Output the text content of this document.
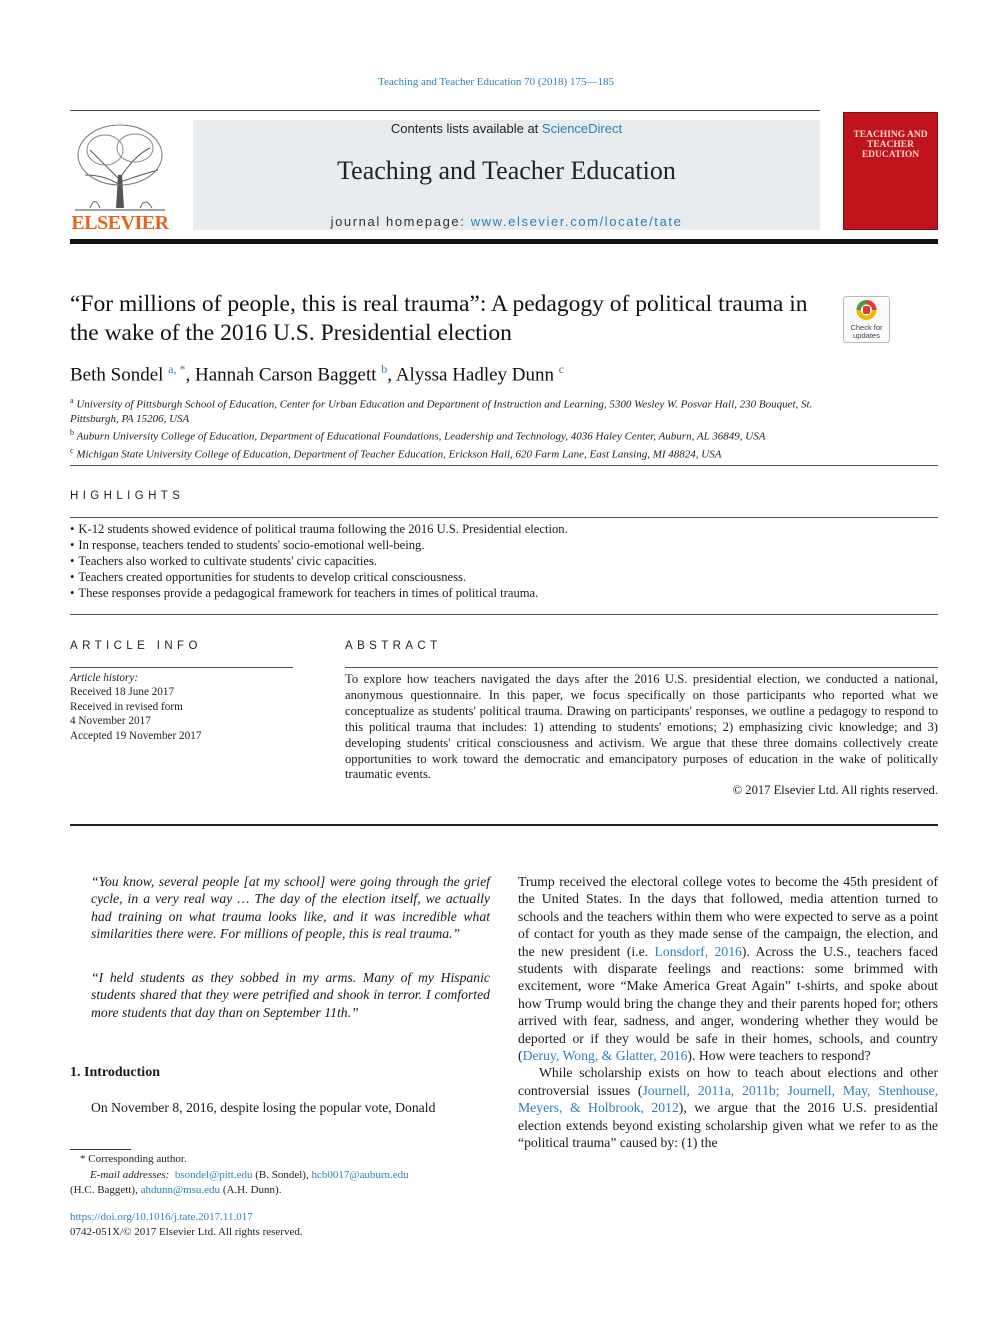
Teaching and Teacher Education 70 (2018) 175—185
ELSEVIER
Contents lists available at ScienceDirect
Teaching and Teacher Education
journal homepage: www.elsevier.com/locate/tate
TEACHING AND TEACHER EDUCATION
“For millions of people, this is real trauma”: A pedagogy of political trauma in the wake of the 2016 U.S. Presidential election	Check for updates
Beth Sondel $^{a, *}$, Hannah Carson Baggett $^b$, Alyssa Hadley Dunn $^c$

$^a$ University of Pittsburgh School of Education, Center for Urban Education and Department of Instruction and Learning, 5300 Wesley W. Posvar Hall, 230 Bouquet, St. Pittsburgh, PA 15206, USA

$^b$ Auburn University College of Education, Department of Educational Foundations, Leadership and Technology, 4036 Haley Center, Auburn, AL 36849, USA

$^c$ Michigan State University College of Education, Department of Teacher Education, Erickson Hall, 620 Farm Lane, East Lansing, MI 48824, USA

HIGHLIGHTS
• K-12 students showed evidence of political trauma following the 2016 U.S. Presidential election.
• In response, teachers tended to students' socio-emotional well-being.
• Teachers also worked to cultivate students' civic capacities.
• Teachers created opportunities for students to develop critical consciousness.
• These responses provide a pedagogical framework for teachers in times of political trauma.
ARTICLE INFO
Article history:
Received 18 June 2017
Received in revised form
4 November 2017
Accepted 19 November 2017
ABSTRACT
To explore how teachers navigated the days after the 2016 U.S. presidential election, we conducted a national, anonymous questionnaire. In this paper, we focus specifically on those participants who reported what we conceptualize as students' political trauma. Drawing on participants' responses, we outline a pedagogy to respond to this political trauma that includes: 1) attending to students' emotions; 2) emphasizing civic knowledge; and 3) developing students' critical consciousness and activism. We argue that these three domains collectively create opportunities to work toward the democratic and emancipatory purposes of education in the wake of politically traumatic events.
© 2017 Elsevier Ltd. All rights reserved.
“You know, several people [at my school] were going through the grief cycle, in a very real way … The day of the election itself, we actually had training on what trauma looks like, and it was incredible what similarities there were. For millions of people, this is real trauma.”
“I held students as they sobbed in my arms. Many of my Hispanic students shared that they were petrified and shook in terror. I comforted more students that day than on September 11th.”
1. Introduction
On November 8, 2016, despite losing the popular vote, Donald

* Corresponding author.

E-mail addresses: bsondel@pitt.edu (B. Sondel), hcb0017@auburn.edu

(H.C. Baggett), ahdunn@msu.edu (A.H. Dunn).

https://doi.org/10.1016/j.tate.2017.11.017
0742-051X/© 2017 Elsevier Ltd. All rights reserved.

Trump received the electoral college votes to become the 45th president of the United States. In the days that followed, media attention turned to schools and the teachers within them who were expected to serve as a point of contact for youth as they made sense of the campaign, the election, and the new president (i.e. Lonsdorf, 2016). Across the U.S., teachers faced students with disparate feelings and reactions: some brimmed with excitement, wore “Make America Great Again” t-shirts, and spoke about how Trump would bring the change they and their parents hoped for; others arrived with fear, sadness, and anger, wondering whether they would be deported or if they would be safe in their homes, schools, and country (Deruy, Wong, & Glatter, 2016). How were teachers to respond?

While scholarship exists on how to teach about elections and other controversial issues (Journell, 2011a, 2011b; Journell, May, Stenhouse, Meyers, & Holbrook, 2012), we argue that the 2016 U.S. presidential election extends beyond existing scholarship given what we refer to as the “political trauma” caused by: (1) the
